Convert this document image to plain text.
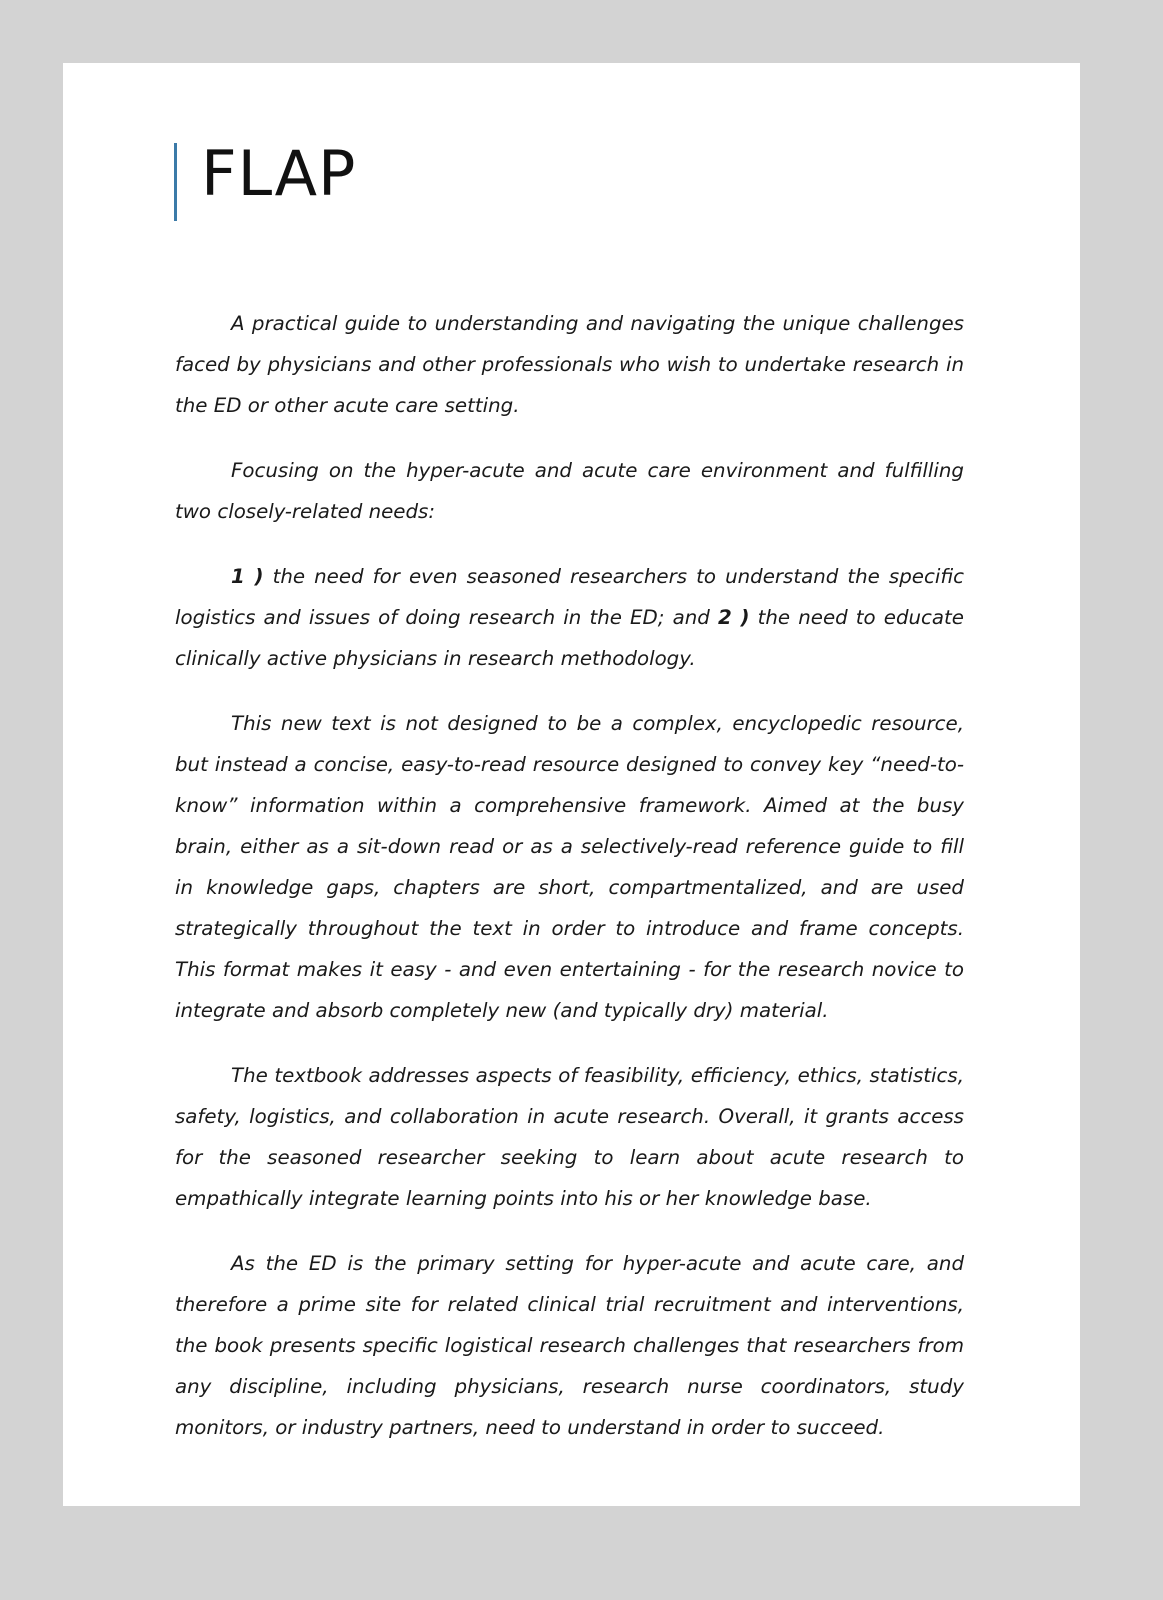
FLAP

A practical guide to understanding and navigating the unique challenges faced by physicians and other professionals who wish to undertake research in the ED or other acute care setting.

Focusing on the hyper-acute and acute care environment and fulfilling two closely-related needs:

1 ) the need for even seasoned researchers to understand the specific logistics and issues of doing research in the ED; and 2 ) the need to educate clinically active physicians in research methodology.

This new text is not designed to be a complex, encyclopedic resource, but instead a concise, easy-to-read resource designed to convey key “need-to-know” information within a comprehensive framework. Aimed at the busy brain, either as a sit-down read or as a selectively-read reference guide to fill in knowledge gaps, chapters are short, compartmentalized, and are used strategically throughout the text in order to introduce and frame concepts. This format makes it easy - and even entertaining - for the research novice to integrate and absorb completely new (and typically dry) material.

The textbook addresses aspects of feasibility, efficiency, ethics, statistics, safety, logistics, and collaboration in acute research. Overall, it grants access for the seasoned researcher seeking to learn about acute research to empathically integrate learning points into his or her knowledge base.

As the ED is the primary setting for hyper-acute and acute care, and therefore a prime site for related clinical trial recruitment and interventions, the book presents specific logistical research challenges that researchers from any discipline, including physicians, research nurse coordinators, study monitors, or industry partners, need to understand in order to succeed.
